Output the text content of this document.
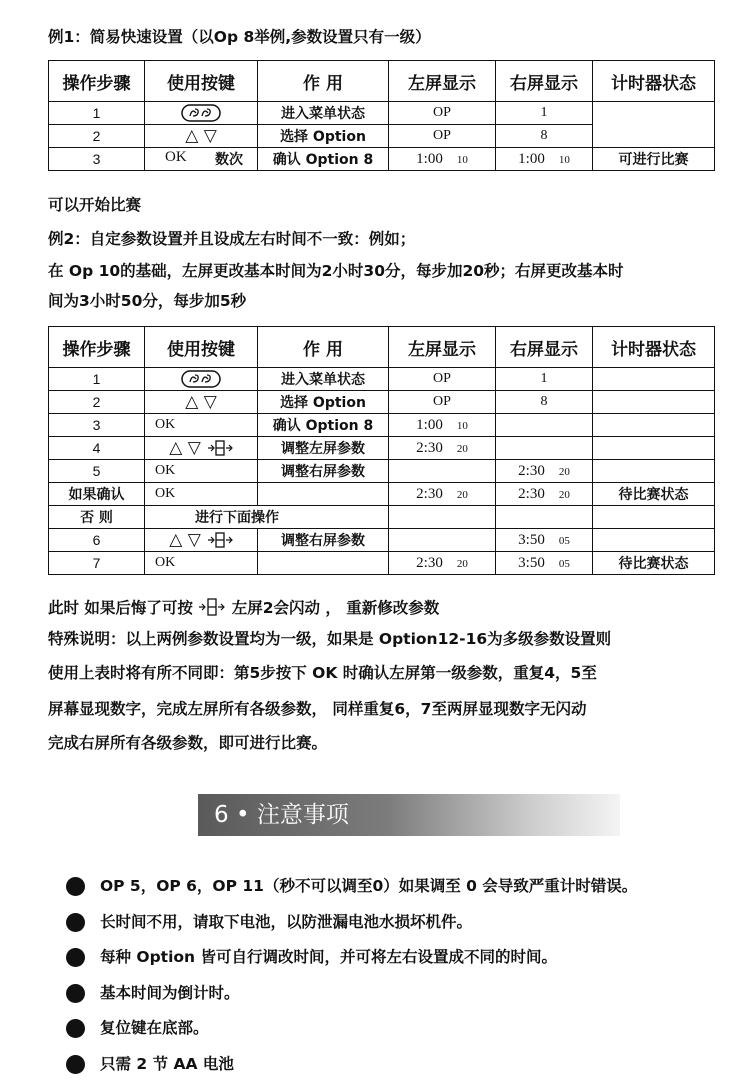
例1：简易快速设置（以Op 8举例,参数设置只有一级）
操作步骤	使用按键	作 用	左屏显示	右屏显示	计时器状态
1		进入菜单状态	OP	1	
2	△ ▽	选择 Option	OP	8	
3	OK 数次	确认 Option 8	1:00 10	1:00 10	可进行比赛
可以开始比赛
例2：自定参数设置并且设成左右时间不一致：例如；
在 Op 10的基础，左屏更改基本时间为2小时30分，每步加20秒；右屏更改基本时
间为3小时50分，每步加5秒
操作步骤	使用按键	作 用	左屏显示	右屏显示	计时器状态
1		进入菜单状态	OP	1	
2	△ ▽	选择 Option	OP	8	
3	OK	确认 Option 8	1:00 10		
4	△ ▽	调整左屏参数	2:30 20		
5	OK	调整右屏参数		2:30 20	
如果确认	OK		2:30 20	2:30 20	待比赛状态
否 则	进行下面操作				
6	△ ▽	调整右屏参数		3:50 05	
7	OK		2:30 20	3:50 05	待比赛状态
此时 如果后悔了可按	左屏2会闪动 ， 重新修改参数
特殊说明：以上两例参数设置均为一级，如果是 Option12-16为多级参数设置则
使用上表时将有所不同即：第5步按下 OK 时确认左屏第一级参数，重复4，5至
屏幕显现数字，完成左屏所有各级参数， 同样重复6，7至两屏显现数字无闪动
完成右屏所有各级参数，即可进行比赛。
6 • 注意事项
OP 5，OP 6，OP 11（秒不可以调至0）如果调至 0 会导致严重计时错误。
长时间不用，请取下电池，以防泄漏电池水损坏机件。
每种 Option 皆可自行调改时间，并可将左右设置成不同的时间。
基本时间为倒计时。
复位键在底部。
只需 2 节 AA 电池
